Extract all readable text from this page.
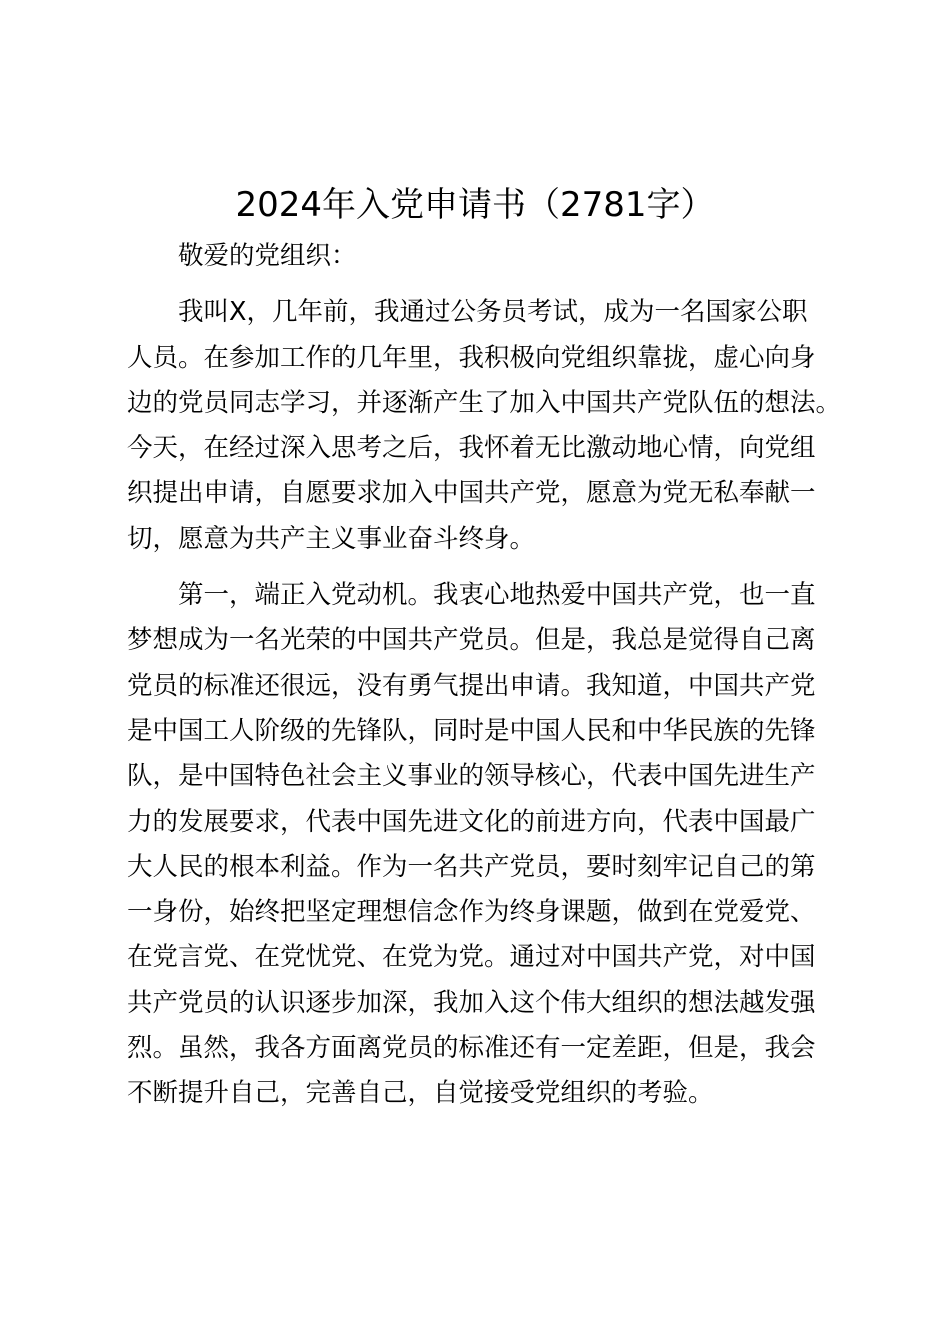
2024年入党申请书（2781字）
敬爱的党组织：
我叫X，几年前，我通过公务员考试，成为一名国家公职
人员。在参加工作的几年里，我积极向党组织靠拢，虚心向身
边的党员同志学习，并逐渐产生了加入中国共产党队伍的想法。
今天，在经过深入思考之后，我怀着无比激动地心情，向党组
织提出申请，自愿要求加入中国共产党，愿意为党无私奉献一
切，愿意为共产主义事业奋斗终身。
第一，端正入党动机。我衷心地热爱中国共产党，也一直
梦想成为一名光荣的中国共产党员。但是，我总是觉得自己离
党员的标准还很远，没有勇气提出申请。我知道，中国共产党
是中国工人阶级的先锋队，同时是中国人民和中华民族的先锋
队，是中国特色社会主义事业的领导核心，代表中国先进生产
力的发展要求，代表中国先进文化的前进方向，代表中国最广
大人民的根本利益。作为一名共产党员，要时刻牢记自己的第
一身份，始终把坚定理想信念作为终身课题，做到在党爱党、
在党言党、在党忧党、在党为党。通过对中国共产党，对中国
共产党员的认识逐步加深，我加入这个伟大组织的想法越发强
烈。虽然，我各方面离党员的标准还有一定差距，但是，我会
不断提升自己，完善自己，自觉接受党组织的考验。
